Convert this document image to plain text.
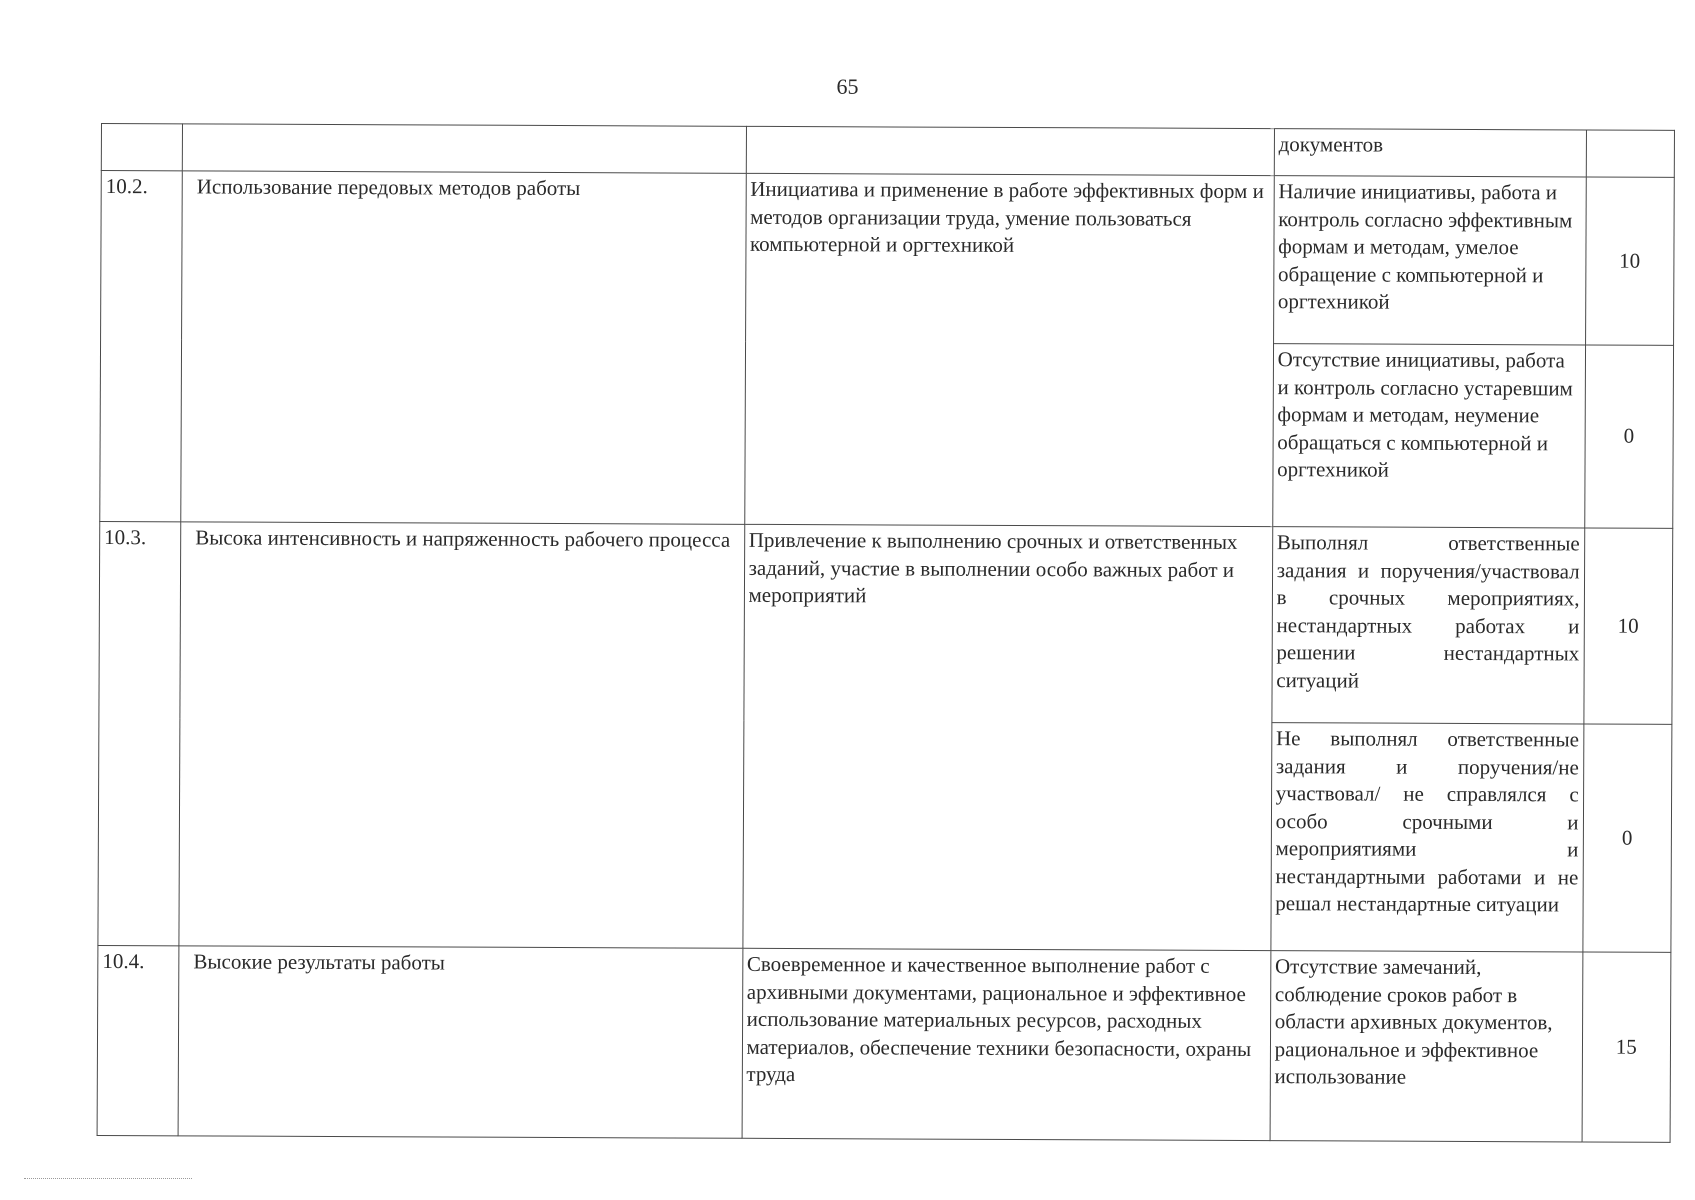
65
			документов	
10.2.	Использование передовых методов работы	Инициатива и применение в работе эффективных форм и методов организации труда, умение пользоваться компьютерной и оргтехникой	Наличие инициативы, работа и контроль согласно эффективным формам и методам, умелое обращение с компьютерной и оргтехникой	10
			Отсутствие инициативы, работа и контроль согласно устаревшим формам и методам, неумение обращаться с компьютерной и оргтехникой	0
10.3.	Высока интенсивность и напряженность рабочего процесса	Привлечение к выполнению срочных и ответственных заданий, участие в выполнении особо важных работ и мероприятий	Выполнял ответственные задания и поручения/участвовал в срочных мероприятиях, нестандартных работах и решении нестандартных ситуаций	10
			Не выполнял ответственные задания и поручения/не участвовал/ не справлялся с особо срочными и мероприятиями и нестандартными работами и не решал нестандартные ситуации	0
10.4.	Высокие результаты работы	Своевременное и качественное выполнение работ с архивными документами, рациональное и эффективное использование материальных ресурсов, расходных материалов, обеспечение техники безопасности, охраны труда	Отсутствие замечаний, соблюдение сроков работ в области архивных документов, рациональное и эффективное использование	15
